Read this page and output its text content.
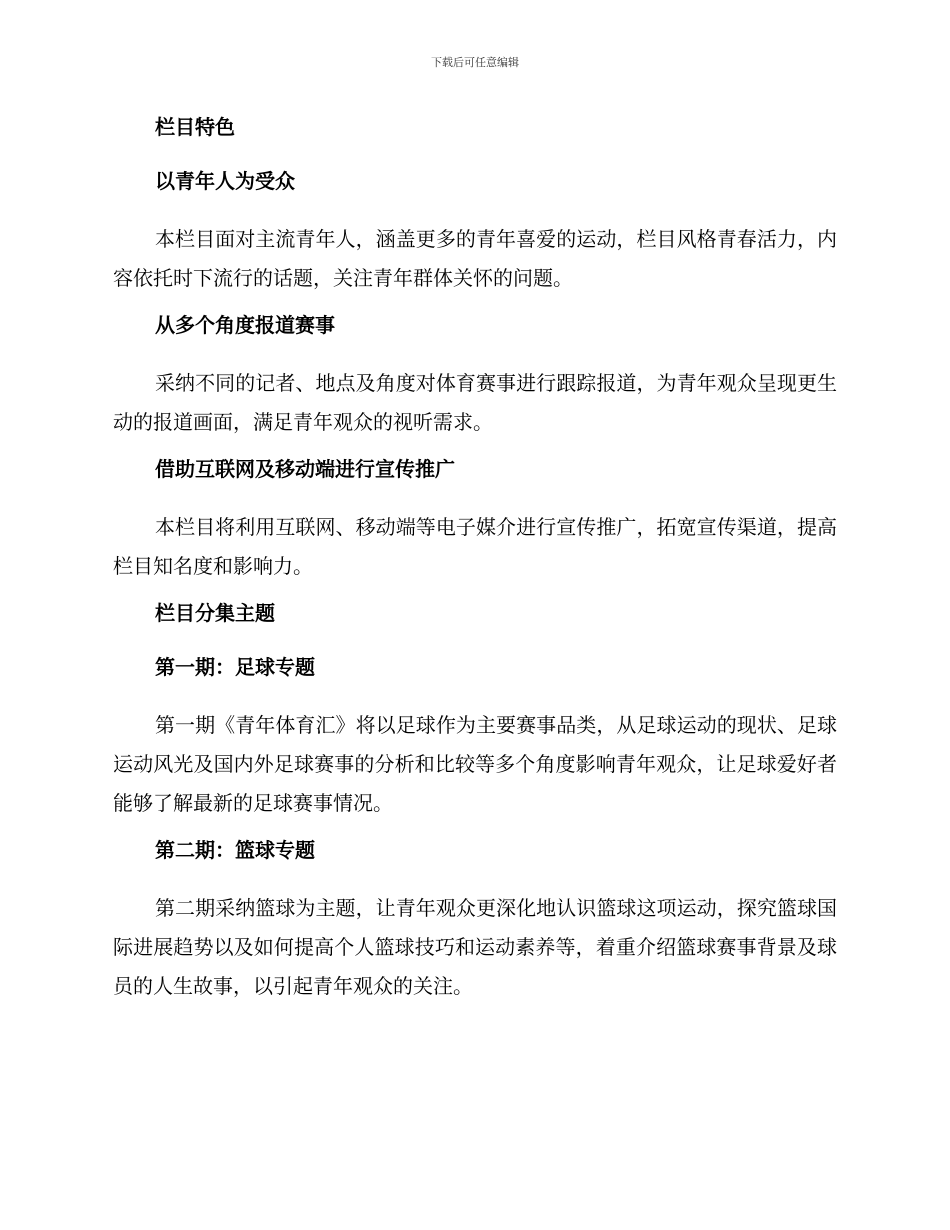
下载后可任意编辑
栏目特色
以青年人为受众

本栏目面对主流青年人，涵盖更多的青年喜爱的运动，栏目风格青春活力，内容依托时下流行的话题，关注青年群体关怀的问题。

从多个角度报道赛事

采纳不同的记者、地点及角度对体育赛事进行跟踪报道，为青年观众呈现更生动的报道画面，满足青年观众的视听需求。

借助互联网及移动端进行宣传推广

本栏目将利用互联网、移动端等电子媒介进行宣传推广，拓宽宣传渠道，提高栏目知名度和影响力。

栏目分集主题
第一期：足球专题

第一期《青年体育汇》将以足球作为主要赛事品类，从足球运动的现状、足球运动风光及国内外足球赛事的分析和比较等多个角度影响青年观众，让足球爱好者能够了解最新的足球赛事情况。

第二期：篮球专题

第二期采纳篮球为主题，让青年观众更深化地认识篮球这项运动，探究篮球国际进展趋势以及如何提高个人篮球技巧和运动素养等，着重介绍篮球赛事背景及球员的人生故事，以引起青年观众的关注。
